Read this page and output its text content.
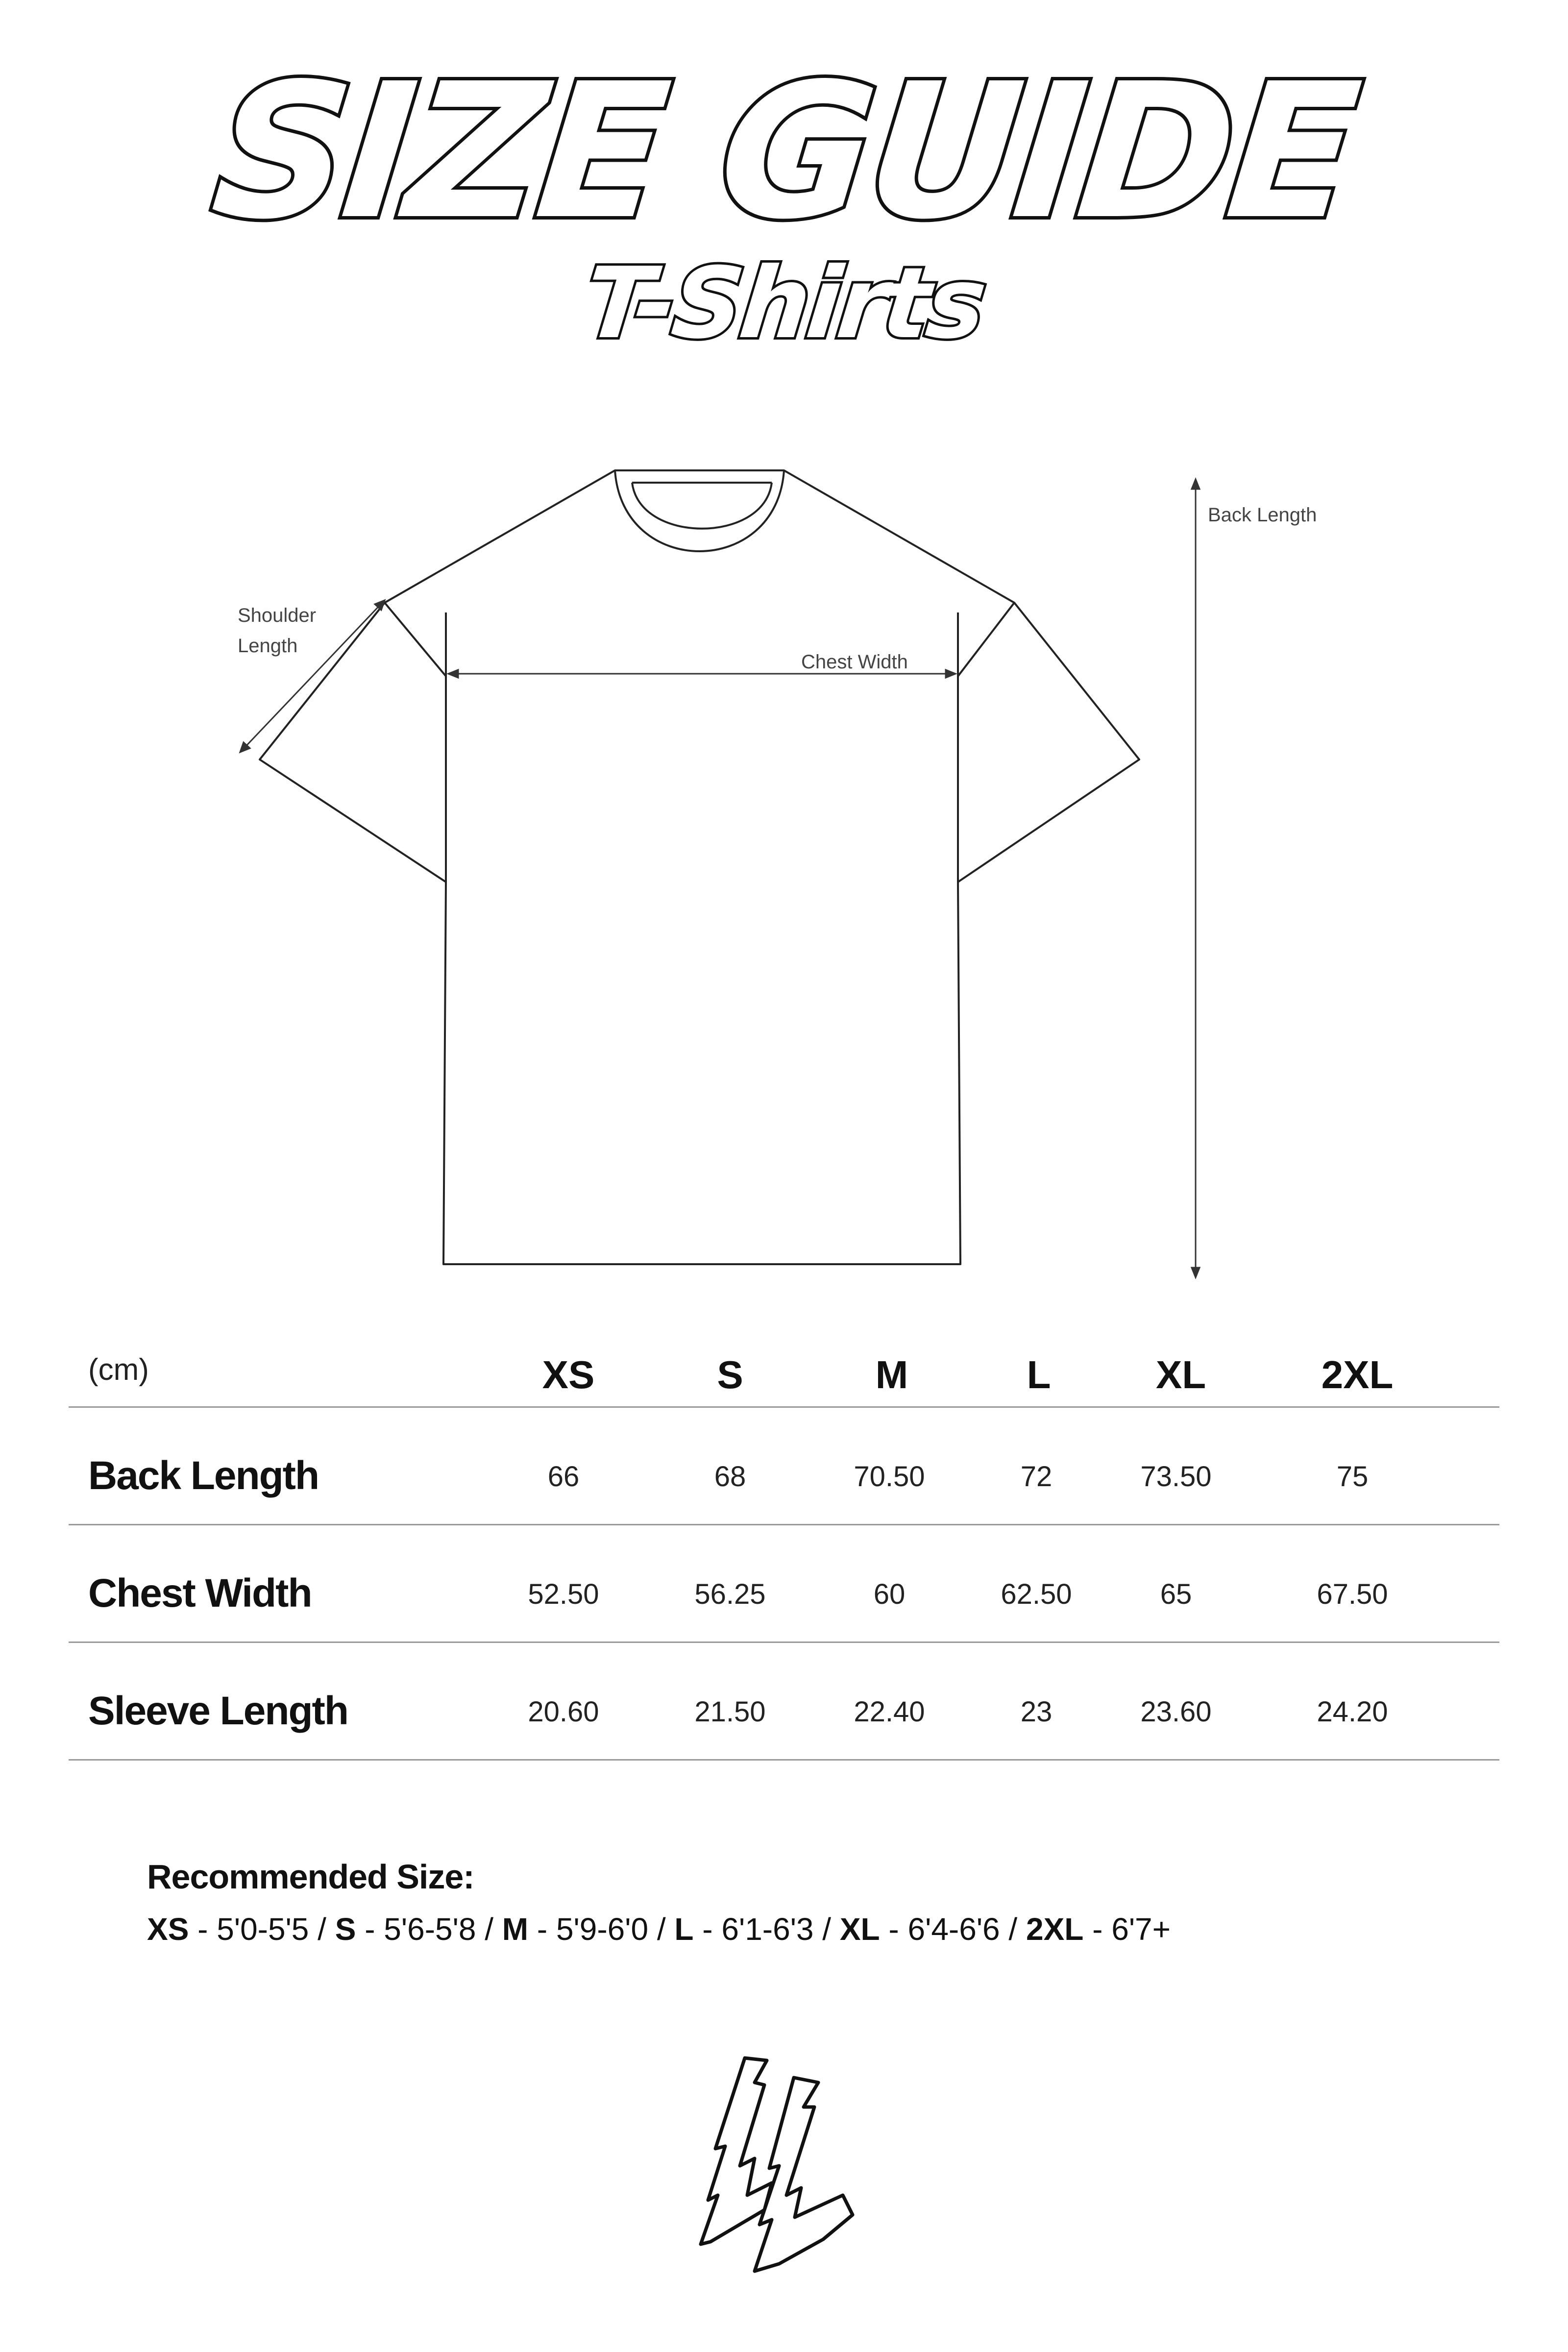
SIZE GUIDE
T-Shirts
Shoulder
Length
Chest Width
Back Length
(cm)	XS	S	M	L	XL	2XL
Back Length	66	68	70.50	72	73.50	75
Chest Width	52.50	56.25	60	62.50	65	67.50
Sleeve Length	20.60	21.50	22.40	23	23.60	24.20
Recommended Size:
XS - 5'0-5'5 / S - 5'6-5'8 / M - 5'9-6'0 / L - 6'1-6'3 / XL - 6'4-6'6 / 2XL - 6'7+
